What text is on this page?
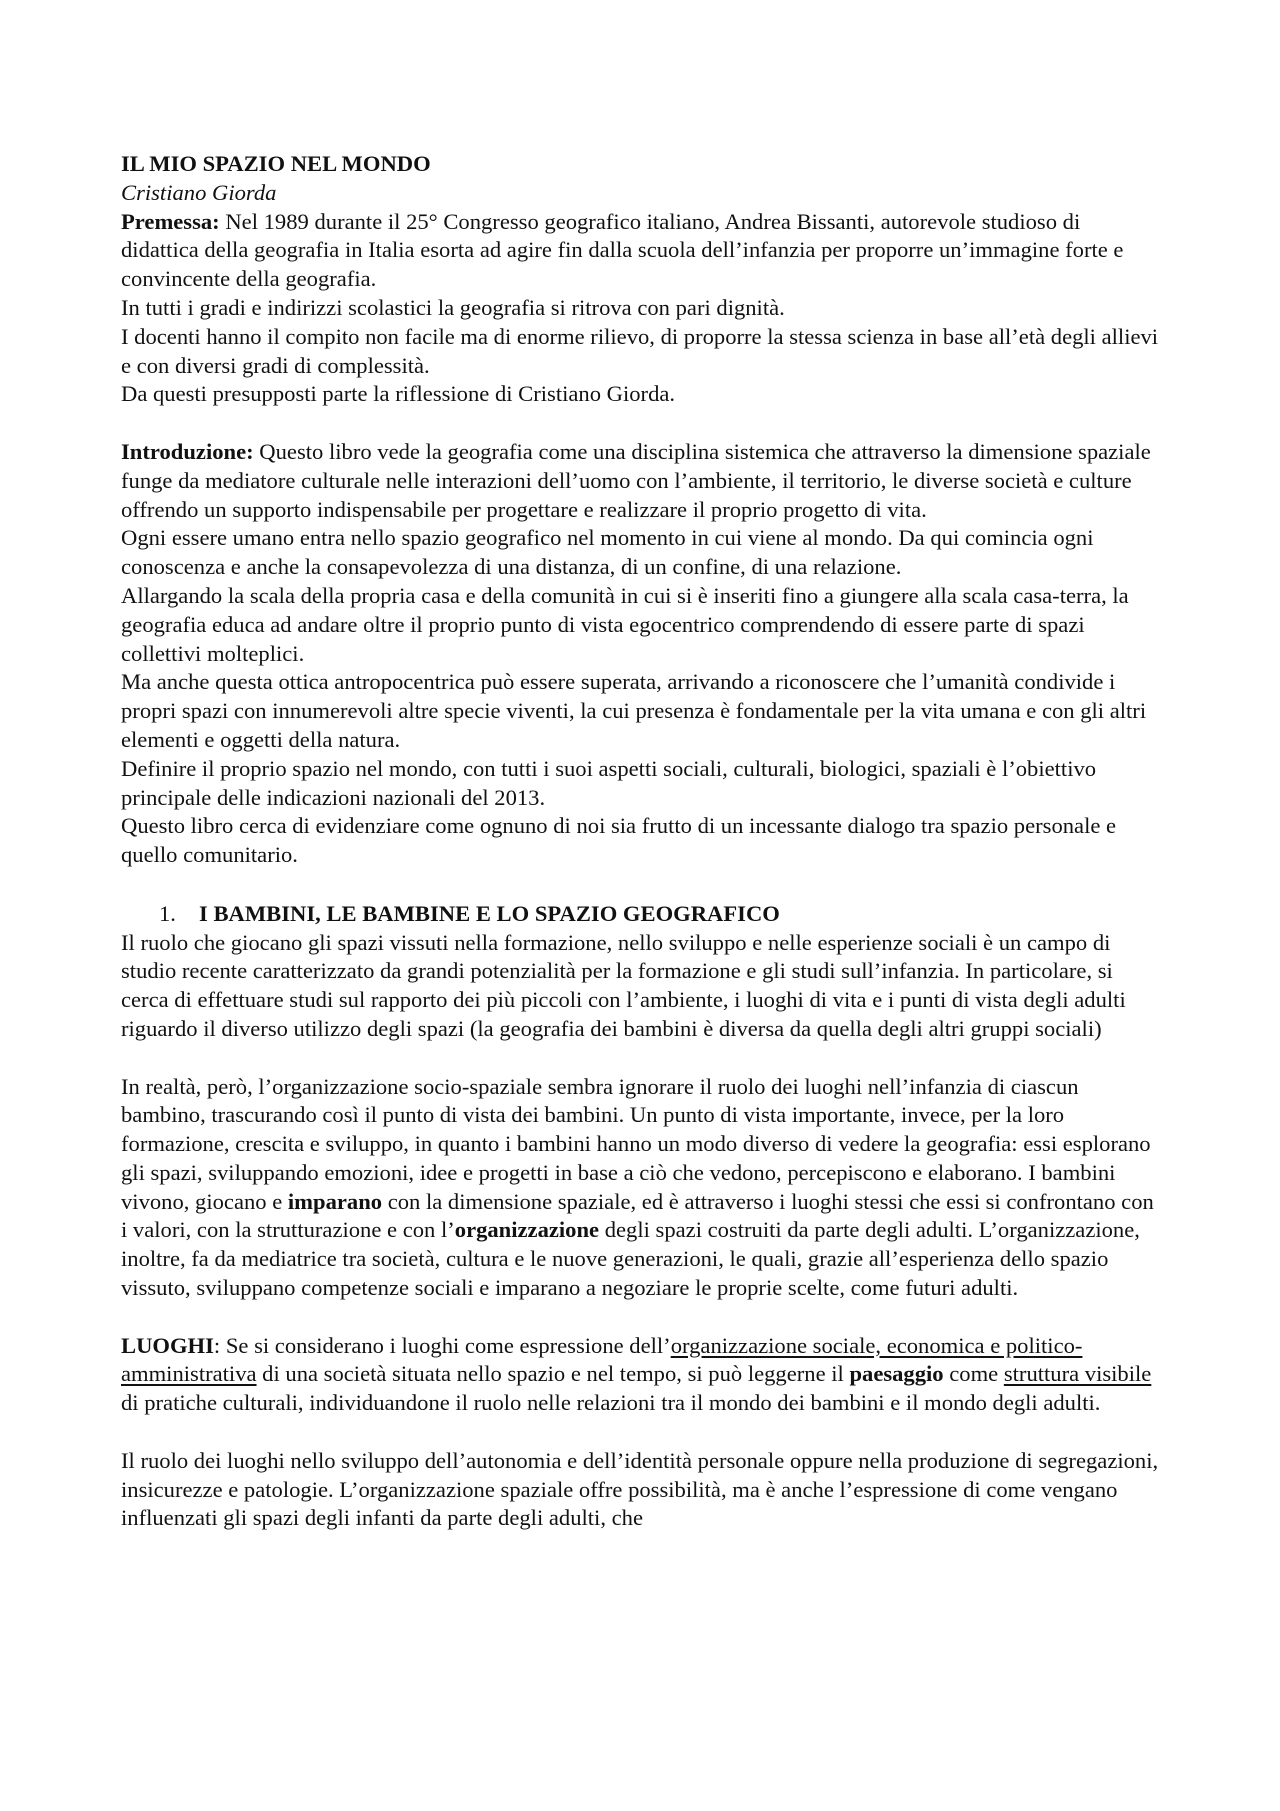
IL MIO SPAZIO NEL MONDO

Cristiano Giorda

Premessa: Nel 1989 durante il 25° Congresso geografico italiano, Andrea Bissanti, autorevole studioso di didattica della geografia in Italia esorta ad agire fin dalla scuola dell’infanzia per proporre un’immagine forte e convincente della geografia.

In tutti i gradi e indirizzi scolastici la geografia si ritrova con pari dignità.

I docenti hanno il compito non facile ma di enorme rilievo, di proporre la stessa scienza in base all’età degli allievi e con diversi gradi di complessità.

Da questi presupposti parte la riflessione di Cristiano Giorda.

Introduzione: Questo libro vede la geografia come una disciplina sistemica che attraverso la dimensione spaziale funge da mediatore culturale nelle interazioni dell’uomo con l’ambiente, il territorio, le diverse società e culture offrendo un supporto indispensabile per progettare e realizzare il proprio progetto di vita.

Ogni essere umano entra nello spazio geografico nel momento in cui viene al mondo. Da qui comincia ogni conoscenza e anche la consapevolezza di una distanza, di un confine, di una relazione.

Allargando la scala della propria casa e della comunità in cui si è inseriti fino a giungere alla scala casa-terra, la geografia educa ad andare oltre il proprio punto di vista egocentrico comprendendo di essere parte di spazi collettivi molteplici.

Ma anche questa ottica antropocentrica può essere superata, arrivando a riconoscere che l’umanità condivide i propri spazi con innumerevoli altre specie viventi, la cui presenza è fondamentale per la vita umana e con gli altri elementi e oggetti della natura.

Definire il proprio spazio nel mondo, con tutti i suoi aspetti sociali, culturali, biologici, spaziali è l’obiettivo principale delle indicazioni nazionali del 2013.

Questo libro cerca di evidenziare come ognuno di noi sia frutto di un incessante dialogo tra spazio personale e quello comunitario.

1. I BAMBINI, LE BAMBINE E LO SPAZIO GEOGRAFICO

Il ruolo che giocano gli spazi vissuti nella formazione, nello sviluppo e nelle esperienze sociali è un campo di studio recente caratterizzato da grandi potenzialità per la formazione e gli studi sull’infanzia. In particolare, si cerca di effettuare studi sul rapporto dei più piccoli con l’ambiente, i luoghi di vita e i punti di vista degli adulti riguardo il diverso utilizzo degli spazi (la geografia dei bambini è diversa da quella degli altri gruppi sociali)

In realtà, però, l’organizzazione socio-spaziale sembra ignorare il ruolo dei luoghi nell’infanzia di ciascun bambino, trascurando così il punto di vista dei bambini. Un punto di vista importante, invece, per la loro formazione, crescita e sviluppo, in quanto i bambini hanno un modo diverso di vedere la geografia: essi esplorano gli spazi, sviluppando emozioni, idee e progetti in base a ciò che vedono, percepiscono e elaborano. I bambini vivono, giocano e imparano con la dimensione spaziale, ed è attraverso i luoghi stessi che essi si confrontano con i valori, con la strutturazione e con l’organizzazione degli spazi costruiti da parte degli adulti. L’organizzazione, inoltre, fa da mediatrice tra società, cultura e le nuove generazioni, le quali, grazie all’esperienza dello spazio vissuto, sviluppano competenze sociali e imparano a negoziare le proprie scelte, come futuri adulti.

LUOGHI: Se si considerano i luoghi come espressione dell’organizzazione sociale, economica e politico-amministrativa di una società situata nello spazio e nel tempo, si può leggerne il paesaggio come struttura visibile di pratiche culturali, individuandone il ruolo nelle relazioni tra il mondo dei bambini e il mondo degli adulti.

Il ruolo dei luoghi nello sviluppo dell’autonomia e dell’identità personale oppure nella produzione di segregazioni, insicurezze e patologie. L’organizzazione spaziale offre possibilità, ma è anche l’espressione di come vengano influenzati gli spazi degli infanti da parte degli adulti, che
